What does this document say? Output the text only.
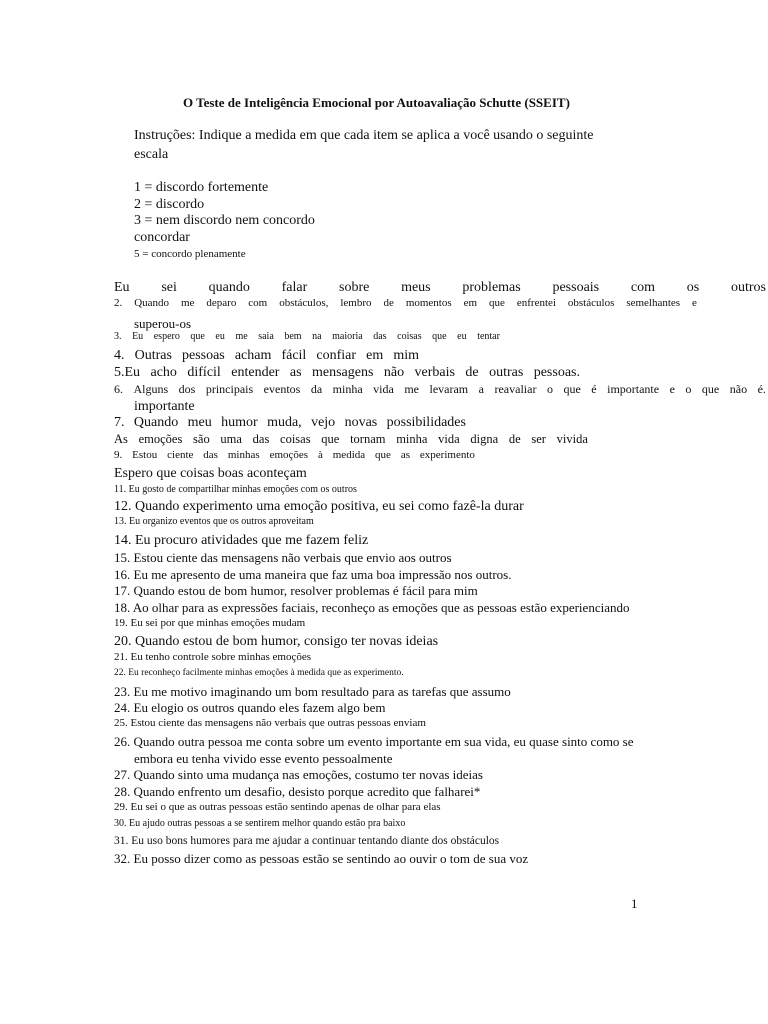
O Teste de Inteligência Emocional por Autoavaliação Schutte (SSEIT)
Instruções: Indique a medida em que cada item se aplica a você usando o seguinte
escala
1 = discordo fortemente
2 = discordo
3 = nem discordo nem concordo
concordar
5 = concordo plenamente
Eu sei quando falar sobre meus problemas pessoais com os outros
2. Quando me deparo com obstáculos, lembro de momentos em que enfrentei obstáculos semelhantes e
superou-os
3. Eu espero que eu me saia bem na maioria das coisas que eu tentar
4. Outras pessoas acham fácil confiar em mim
5.Eu acho difícil entender as mensagens não verbais de outras pessoas.
6. Alguns dos principais eventos da minha vida me levaram a reavaliar o que é importante e o que não é.
importante
7. Quando meu humor muda, vejo novas possibilidades
As emoções são uma das coisas que tornam minha vida digna de ser vivida
9. Estou ciente das minhas emoções à medida que as experimento
Espero que coisas boas aconteçam
11. Eu gosto de compartilhar minhas emoções com os outros
12. Quando experimento uma emoção positiva, eu sei como fazê-la durar
13. Eu organizo eventos que os outros aproveitam
14. Eu procuro atividades que me fazem feliz
15. Estou ciente das mensagens não verbais que envio aos outros
16. Eu me apresento de uma maneira que faz uma boa impressão nos outros.
17. Quando estou de bom humor, resolver problemas é fácil para mim
18. Ao olhar para as expressões faciais, reconheço as emoções que as pessoas estão experienciando
19. Eu sei por que minhas emoções mudam
20. Quando estou de bom humor, consigo ter novas ideias
21. Eu tenho controle sobre minhas emoções
22. Eu reconheço facilmente minhas emoções à medida que as experimento.
23. Eu me motivo imaginando um bom resultado para as tarefas que assumo
24. Eu elogio os outros quando eles fazem algo bem
25. Estou ciente das mensagens não verbais que outras pessoas enviam
26. Quando outra pessoa me conta sobre um evento importante em sua vida, eu quase sinto como se
embora eu tenha vivido esse evento pessoalmente
27. Quando sinto uma mudança nas emoções, costumo ter novas ideias
28. Quando enfrento um desafio, desisto porque acredito que falharei*
29. Eu sei o que as outras pessoas estão sentindo apenas de olhar para elas
30. Eu ajudo outras pessoas a se sentirem melhor quando estão pra baixo
31. Eu uso bons humores para me ajudar a continuar tentando diante dos obstáculos
32. Eu posso dizer como as pessoas estão se sentindo ao ouvir o tom de sua voz
1
